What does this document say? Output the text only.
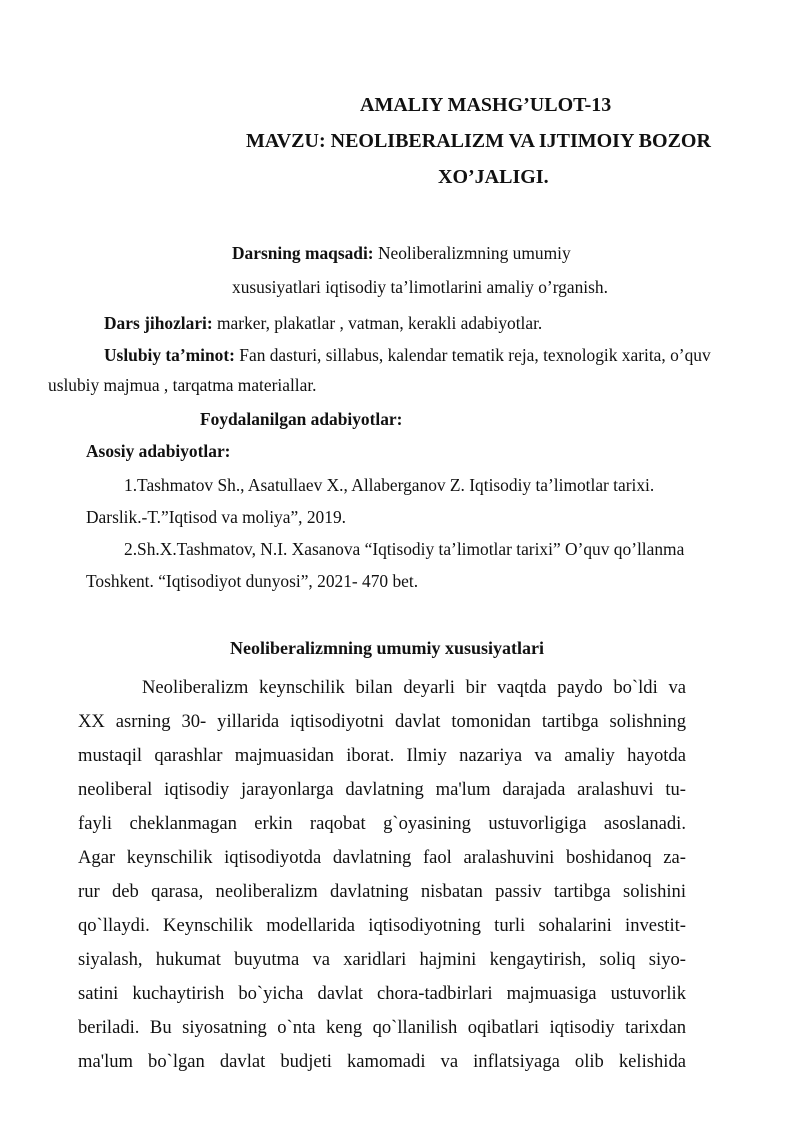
AMALIY MASHG’ULOT-13
MAVZU: NEOLIBERALIZM VA IJTIMOIY BOZOR
XO’JALIGI.
Darsning maqsadi: Neoliberalizmning umumiy
xususiyatlari iqtisodiy ta’limotlarini amaliy o’rganish.
Dars jihozlari: marker, plakatlar , vatman, kerakli adabiyotlar.
Uslubiy ta’minot: Fan dasturi, sillabus, kalendar tematik reja, texnologik xarita, o’quv
uslubiy majmua , tarqatma materiallar.
Foydalanilgan adabiyotlar:
Asosiy adabiyotlar:
1.Tashmatov Sh., Asatullaev X., Allaberganov Z. Iqtisodiy ta’limotlar tarixi.
Darslik.-T.”Iqtisod va moliya”, 2019.
2.Sh.X.Tashmatov, N.I. Xasanova “Iqtisodiy ta’limotlar tarixi” O’quv qo’llanma
Toshkent. “Iqtisodiyot dunyosi”, 2021- 470 bet.
Neoliberalizmning umumiy xususiyatlari
Neoliberalizm keynschilik bilan deyarli bir vaqtda paydo bo`ldi va
XX asrning 30- yillarida iqtisodiyotni davlat tomonidan tartibga solishning
mustaqil qarashlar majmuasidan iborat. Ilmiy nazariya va amaliy hayotda
neoliberal iqtisodiy jarayonlarga davlatning ma'lum darajada aralashuvi tu-
fayli cheklanmagan erkin raqobat g`oyasining ustuvorligiga asoslanadi.
Agar keynschilik iqtisodiyotda davlatning faol aralashuvini boshidanoq za-
rur deb qarasa, neoliberalizm davlatning nisbatan passiv tartibga solishini
qo`llaydi. Keynschilik modellarida iqtisodiyotning turli sohalarini investit-
siyalash, hukumat buyutma va xaridlari hajmini kengaytirish, soliq siyo-
satini kuchaytirish bo`yicha davlat chora-tadbirlari majmuasiga ustuvorlik
beriladi. Bu siyosatning o`nta keng qo`llanilish oqibatlari iqtisodiy tarixdan
ma'lum bo`lgan davlat budjeti kamomadi va inflatsiyaga olib kelishida
